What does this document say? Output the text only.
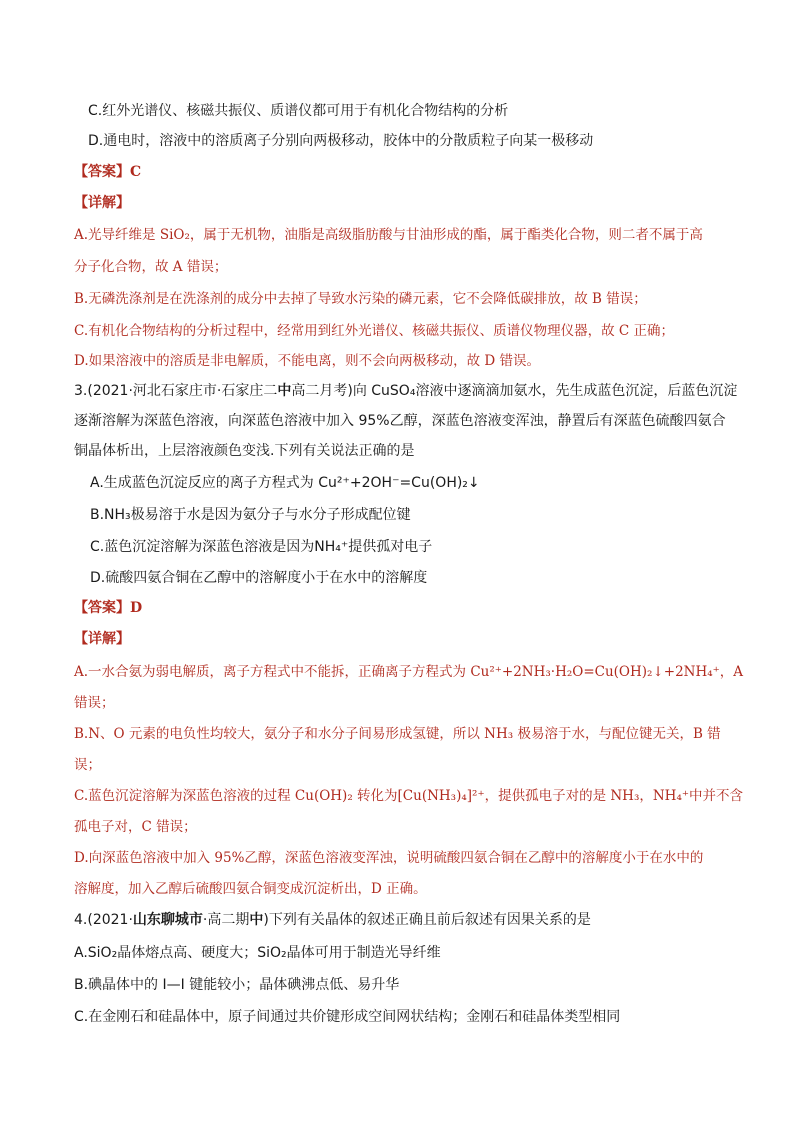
C.红外光谱仪、核磁共振仪、质谱仪都可用于有机化合物结构的分析
D.通电时，溶液中的溶质离子分别向两极移动，胶体中的分散质粒子向某一极移动
【答案】C
【详解】
A.光导纤维是 SiO₂，属于无机物，油脂是高级脂肪酸与甘油形成的酯，属于酯类化合物，则二者不属于高
分子化合物，故 A 错误；
B.无磷洗涤剂是在洗涤剂的成分中去掉了导致水污染的磷元素，它不会降低碳排放，故 B 错误；
C.有机化合物结构的分析过程中，经常用到红外光谱仪、核磁共振仪、质谱仪物理仪器，故 C 正确；
D.如果溶液中的溶质是非电解质，不能电离，则不会向两极移动，故 D 错误。
3.(2021·河北石家庄市·石家庄二中高二月考)向 CuSO₄溶液中逐滴滴加氨水，先生成蓝色沉淀，后蓝色沉淀
逐渐溶解为深蓝色溶液，向深蓝色溶液中加入 95%乙醇，深蓝色溶液变浑浊，静置后有深蓝色硫酸四氨合
铜晶体析出，上层溶液颜色变浅.下列有关说法正确的是
A.生成蓝色沉淀反应的离子方程式为 Cu²⁺+2OH⁻=Cu(OH)₂↓
B.NH₃极易溶于水是因为氨分子与水分子形成配位键
C.蓝色沉淀溶解为深蓝色溶液是因为NH₄⁺提供孤对电子
D.硫酸四氨合铜在乙醇中的溶解度小于在水中的溶解度
【答案】D
【详解】
A.一水合氨为弱电解质，离子方程式中不能拆，正确离子方程式为 Cu²⁺+2NH₃·H₂O=Cu(OH)₂↓+2NH₄⁺，A
错误；
B.N、O 元素的电负性均较大，氨分子和水分子间易形成氢键，所以 NH₃ 极易溶于水，与配位键无关，B 错
误；
C.蓝色沉淀溶解为深蓝色溶液的过程 Cu(OH)₂ 转化为[Cu(NH₃)₄]²⁺，提供孤电子对的是 NH₃，NH₄⁺中并不含
孤电子对，C 错误；
D.向深蓝色溶液中加入 95%乙醇，深蓝色溶液变浑浊，说明硫酸四氨合铜在乙醇中的溶解度小于在水中的
溶解度，加入乙醇后硫酸四氨合铜变成沉淀析出，D 正确。
4.(2021·山东聊城市·高二期中)下列有关晶体的叙述正确且前后叙述有因果关系的是
A.SiO₂晶体熔点高、硬度大；SiO₂晶体可用于制造光导纤维
B.碘晶体中的 I—I 键能较小；晶体碘沸点低、易升华
C.在金刚石和硅晶体中，原子间通过共价键形成空间网状结构；金刚石和硅晶体类型相同
